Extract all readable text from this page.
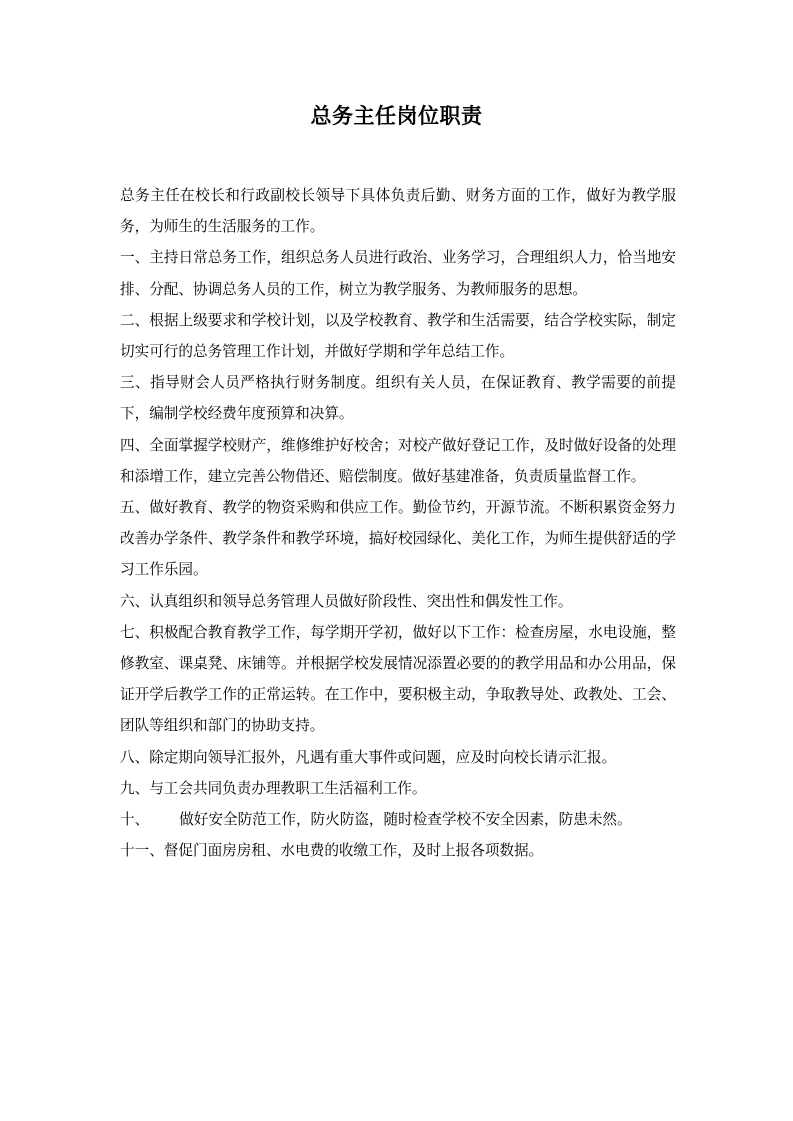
总务主任岗位职责

总务主任在校长和行政副校长领导下具体负责后勤、财务方面的工作，做好为教学服务，为师生的生活服务的工作。

一、主持日常总务工作，组织总务人员进行政治、业务学习，合理组织人力，恰当地安排、分配、协调总务人员的工作，树立为教学服务、为教师服务的思想。

二、根据上级要求和学校计划，以及学校教育、教学和生活需要，结合学校实际，制定切实可行的总务管理工作计划，并做好学期和学年总结工作。

三、指导财会人员严格执行财务制度。组织有关人员，在保证教育、教学需要的前提下，编制学校经费年度预算和决算。

四、全面掌握学校财产，维修维护好校舍；对校产做好登记工作，及时做好设备的处理和添增工作，建立完善公物借还、赔偿制度。做好基建准备，负责质量监督工作。

五、做好教育、教学的物资采购和供应工作。勤俭节约，开源节流。不断积累资金努力改善办学条件、教学条件和教学环境，搞好校园绿化、美化工作，为师生提供舒适的学习工作乐园。

六、认真组织和领导总务管理人员做好阶段性、突出性和偶发性工作。

七、积极配合教育教学工作，每学期开学初，做好以下工作：检查房屋，水电设施，整修教室、课桌凳、床铺等。并根据学校发展情况添置必要的的教学用品和办公用品，保证开学后教学工作的正常运转。在工作中，要积极主动，争取教导处、政教处、工会、团队等组织和部门的协助支持。

八、除定期向领导汇报外，凡遇有重大事件或问题，应及时向校长请示汇报。

九、与工会共同负责办理教职工生活福利工作。

十、 做好安全防范工作，防火防盗，随时检查学校不安全因素，防患未然。

十一、督促门面房房租、水电费的收缴工作，及时上报各项数据。
